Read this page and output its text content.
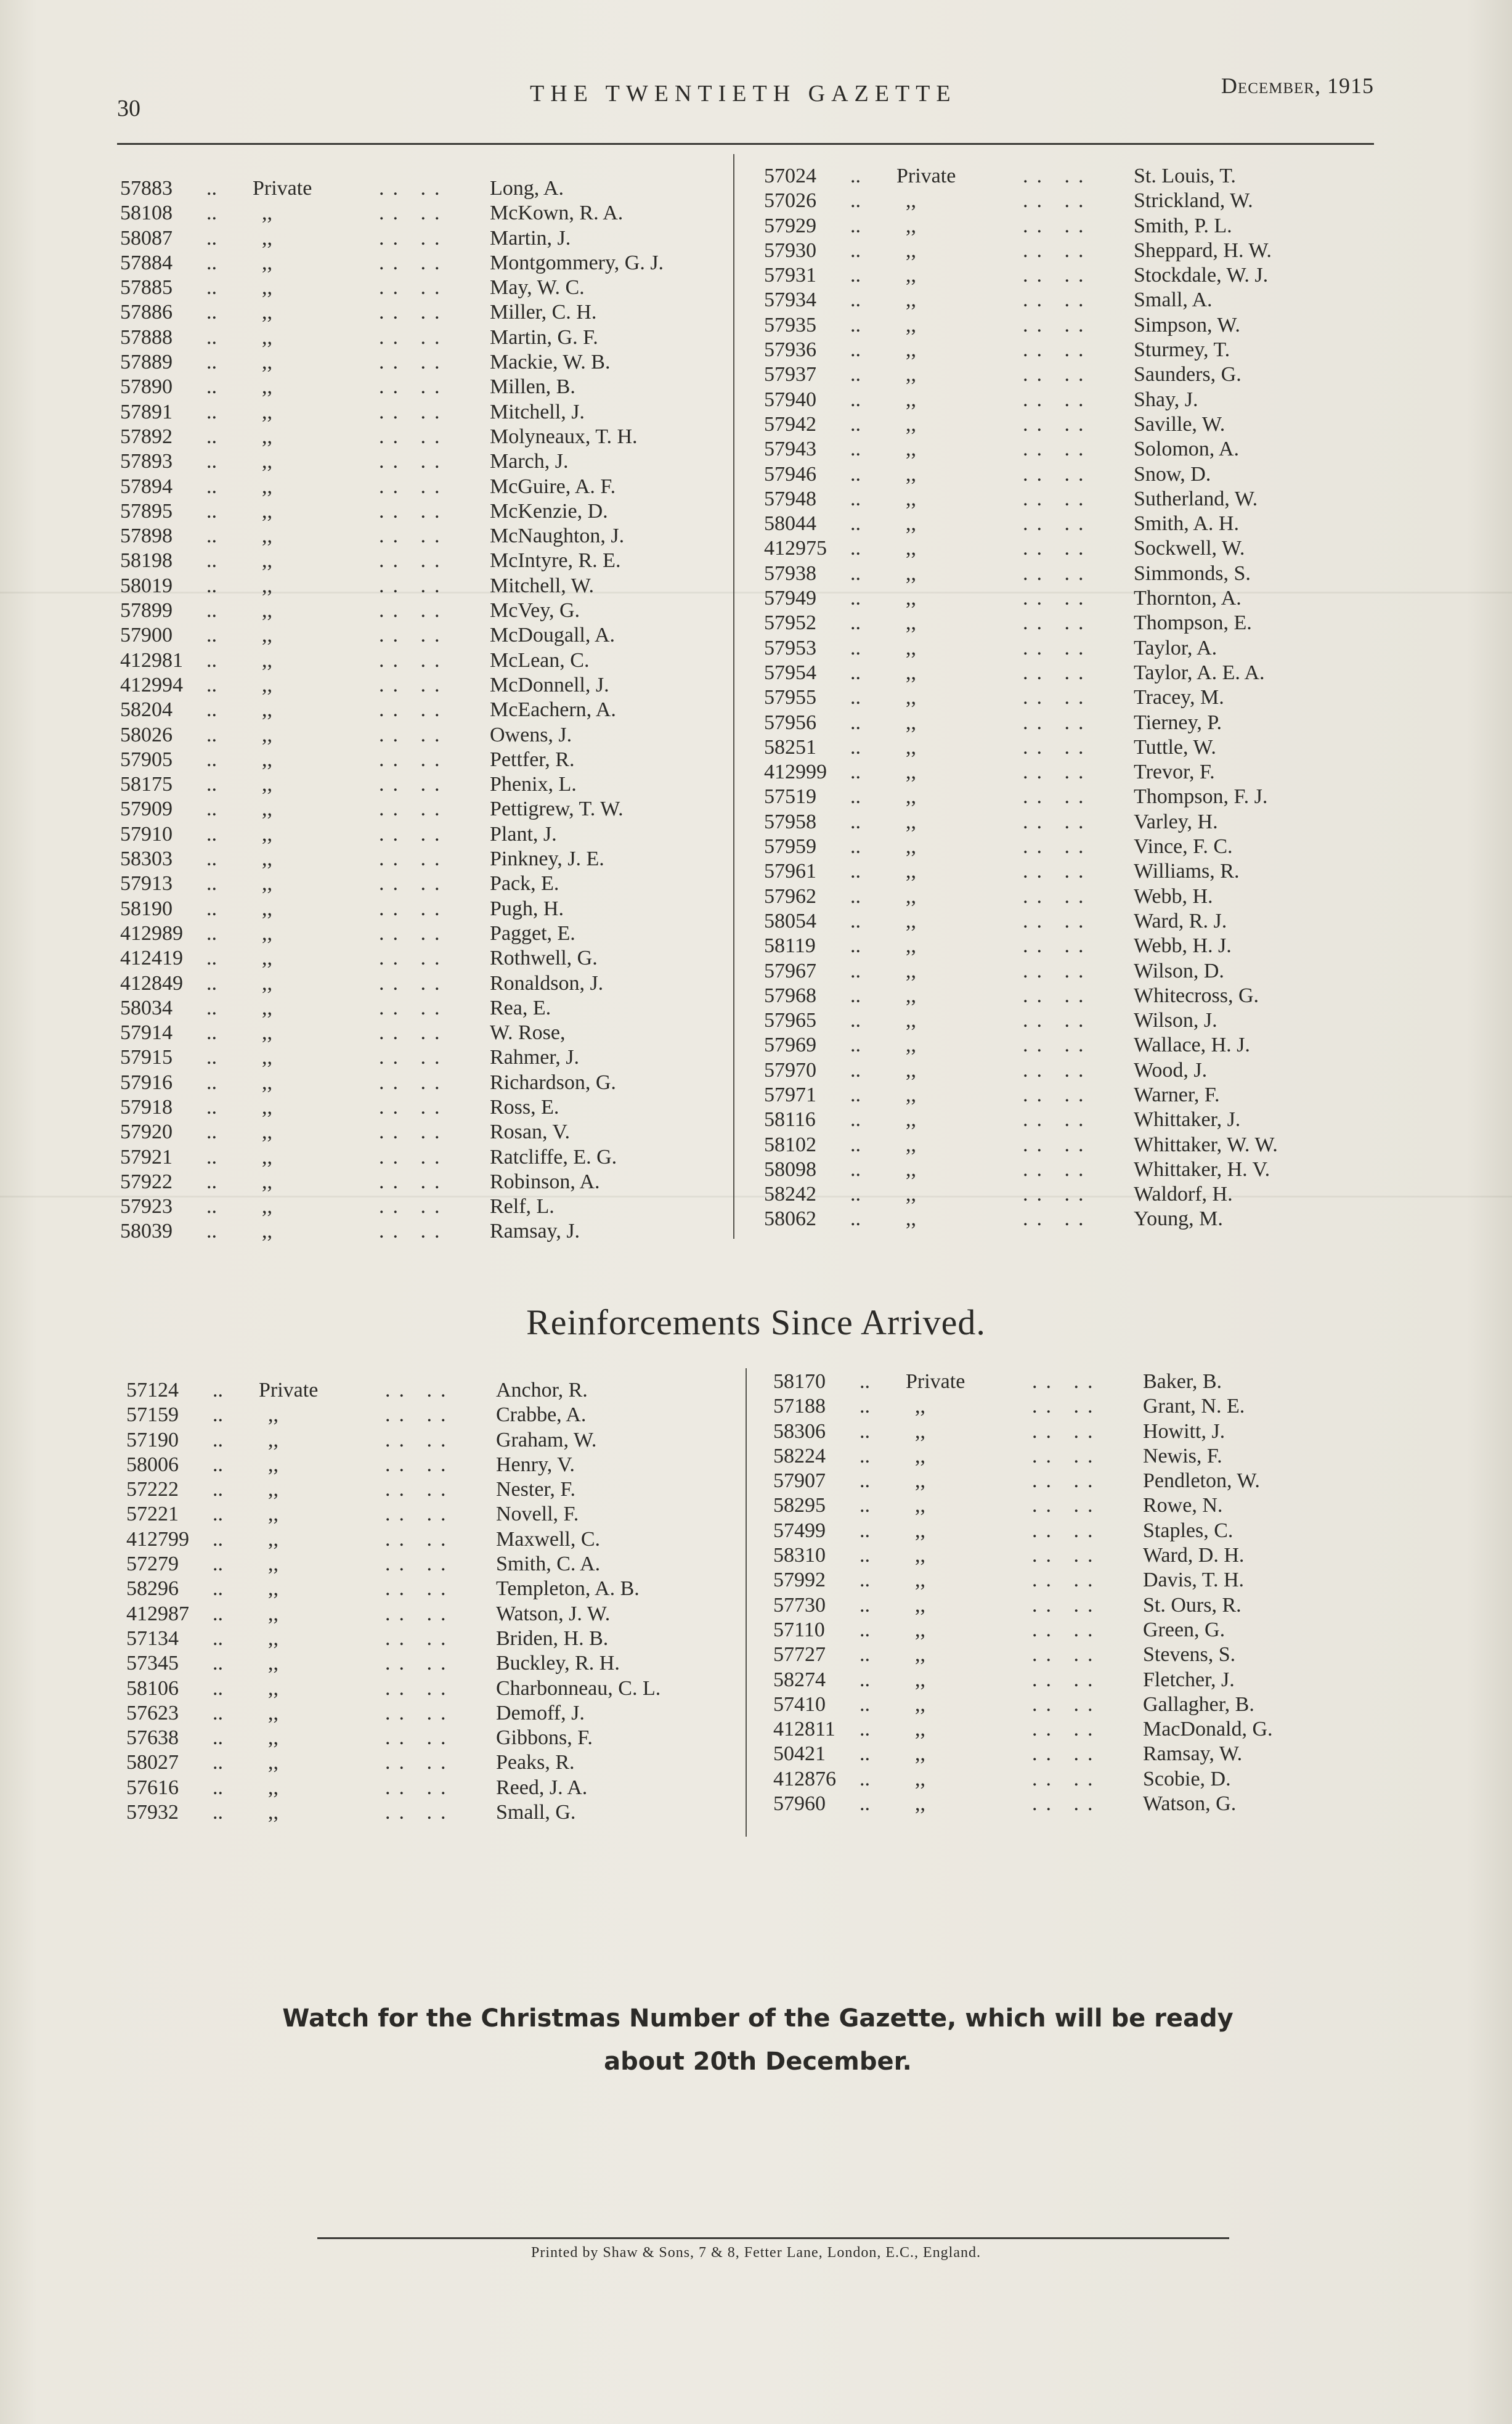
30
THE TWENTIETH GAZETTE	December, 1915
57883 .. Private	.. .. Long, A.
58108 .. ,,	.. .. McKown, R. A.
58087 .. ,,	.. .. Martin, J.
57884 .. ,,	.. .. Montgommery, G. J.
57885 .. ,,	.. .. May, W. C.
57886 .. ,,	.. .. Miller, C. H.
57888 .. ,,	.. .. Martin, G. F.
57889 .. ,,	.. .. Mackie, W. B.
57890 .. ,,	.. .. Millen, B.
57891 .. ,,	.. .. Mitchell, J.
57892 .. ,,	.. .. Molyneaux, T. H.
57893 .. ,,	.. .. March, J.
57894 .. ,,	.. .. McGuire, A. F.
57895 .. ,,	.. .. McKenzie, D.
57898 .. ,,	.. .. McNaughton, J.
58198 .. ,,	.. .. McIntyre, R. E.
58019 .. ,,	.. .. Mitchell, W.
57899 .. ,,	.. .. McVey, G.
57900 .. ,,	.. .. McDougall, A.
412981 .. ,,	.. .. McLean, C.
412994 .. ,,	.. .. McDonnell, J.
58204 .. ,,	.. .. McEachern, A.
58026 .. ,,	.. .. Owens, J.
57905 .. ,,	.. .. Pettfer, R.
58175 .. ,,	.. .. Phenix, L.
57909 .. ,,	.. .. Pettigrew, T. W.
57910 .. ,,	.. .. Plant, J.
58303 .. ,,	.. .. Pinkney, J. E.
57913 .. ,,	.. .. Pack, E.
58190 .. ,,	.. .. Pugh, H.
412989 .. ,,	.. .. Pagget, E.
412419 .. ,,	.. .. Rothwell, G.
412849 .. ,,	.. .. Ronaldson, J.
58034 .. ,,	.. .. Rea, E.
57914 .. ,,	.. .. W. Rose,
57915 .. ,,	.. .. Rahmer, J.
57916 .. ,,	.. .. Richardson, G.
57918 .. ,,	.. .. Ross, E.
57920 .. ,,	.. .. Rosan, V.
57921 .. ,,	.. .. Ratcliffe, E. G.
57922 .. ,,	.. .. Robinson, A.
57923 .. ,,	.. .. Relf, L.
58039 .. ,,	.. .. Ramsay, J.
57024 .. Private	.. .. St. Louis, T.
57026 .. ,,	.. .. Strickland, W.
57929 .. ,,	.. .. Smith, P. L.
57930 .. ,,	.. .. Sheppard, H. W.
57931 .. ,,	.. .. Stockdale, W. J.
57934 .. ,,	.. .. Small, A.
57935 .. ,,	.. .. Simpson, W.
57936 .. ,,	.. .. Sturmey, T.
57937 .. ,,	.. .. Saunders, G.
57940 .. ,,	.. .. Shay, J.
57942 .. ,,	.. .. Saville, W.
57943 .. ,,	.. .. Solomon, A.
57946 .. ,,	.. .. Snow, D.
57948 .. ,,	.. .. Sutherland, W.
58044 .. ,,	.. .. Smith, A. H.
412975 .. ,,	.. .. Sockwell, W.
57938 .. ,,	.. .. Simmonds, S.
57949 .. ,,	.. .. Thornton, A.
57952 .. ,,	.. .. Thompson, E.
57953 .. ,,	.. .. Taylor, A.
57954 .. ,,	.. .. Taylor, A. E. A.
57955 .. ,,	.. .. Tracey, M.
57956 .. ,,	.. .. Tierney, P.
58251 .. ,,	.. .. Tuttle, W.
412999 .. ,,	.. .. Trevor, F.
57519 .. ,,	.. .. Thompson, F. J.
57958 .. ,,	.. .. Varley, H.
57959 .. ,,	.. .. Vince, F. C.
57961 .. ,,	.. .. Williams, R.
57962 .. ,,	.. .. Webb, H.
58054 .. ,,	.. .. Ward, R. J.
58119 .. ,,	.. .. Webb, H. J.
57967 .. ,,	.. .. Wilson, D.
57968 .. ,,	.. .. Whitecross, G.
57965 .. ,,	.. .. Wilson, J.
57969 .. ,,	.. .. Wallace, H. J.
57970 .. ,,	.. .. Wood, J.
57971 .. ,,	.. .. Warner, F.
58116 .. ,,	.. .. Whittaker, J.
58102 .. ,,	.. .. Whittaker, W. W.
58098 .. ,,	.. .. Whittaker, H. V.
58242 .. ,,	.. .. Waldorf, H.
58062 .. ,,	.. .. Young, M.
Reinforcements Since Arrived.
57124 .. Private	.. .. Anchor, R.
57159 .. ,,	.. .. Crabbe, A.
57190 .. ,,	.. .. Graham, W.
58006 .. ,,	.. .. Henry, V.
57222 .. ,,	.. .. Nester, F.
57221 .. ,,	.. .. Novell, F.
412799 .. ,,	.. .. Maxwell, C.
57279 .. ,,	.. .. Smith, C. A.
58296 .. ,,	.. .. Templeton, A. B.
412987 .. ,,	.. .. Watson, J. W.
57134 .. ,,	.. .. Briden, H. B.
57345 .. ,,	.. .. Buckley, R. H.
58106 .. ,,	.. .. Charbonneau, C. L.
57623 .. ,,	.. .. Demoff, J.
57638 .. ,,	.. .. Gibbons, F.
58027 .. ,,	.. .. Peaks, R.
57616 .. ,,	.. .. Reed, J. A.
57932 .. ,,	.. .. Small, G.
58170 .. Private	.. .. Baker, B.
57188 .. ,,	.. .. Grant, N. E.
58306 .. ,,	.. .. Howitt, J.
58224 .. ,,	.. .. Newis, F.
57907 .. ,,	.. .. Pendleton, W.
58295 .. ,,	.. .. Rowe, N.
57499 .. ,,	.. .. Staples, C.
58310 .. ,,	.. .. Ward, D. H.
57992 .. ,,	.. .. Davis, T. H.
57730 .. ,,	.. .. St. Ours, R.
57110 .. ,,	.. .. Green, G.
57727 .. ,,	.. .. Stevens, S.
58274 .. ,,	.. .. Fletcher, J.
57410 .. ,,	.. .. Gallagher, B.
412811 .. ,,	.. .. MacDonald, G.
50421 .. ,,	.. .. Ramsay, W.
412876 .. ,,	.. .. Scobie, D.
57960 .. ,,	.. .. Watson, G.
Watch for the Christmas Number of the Gazette, which will be ready
about 20th December.
Printed by Shaw & Sons, 7 & 8, Fetter Lane, London, E.C., England.
